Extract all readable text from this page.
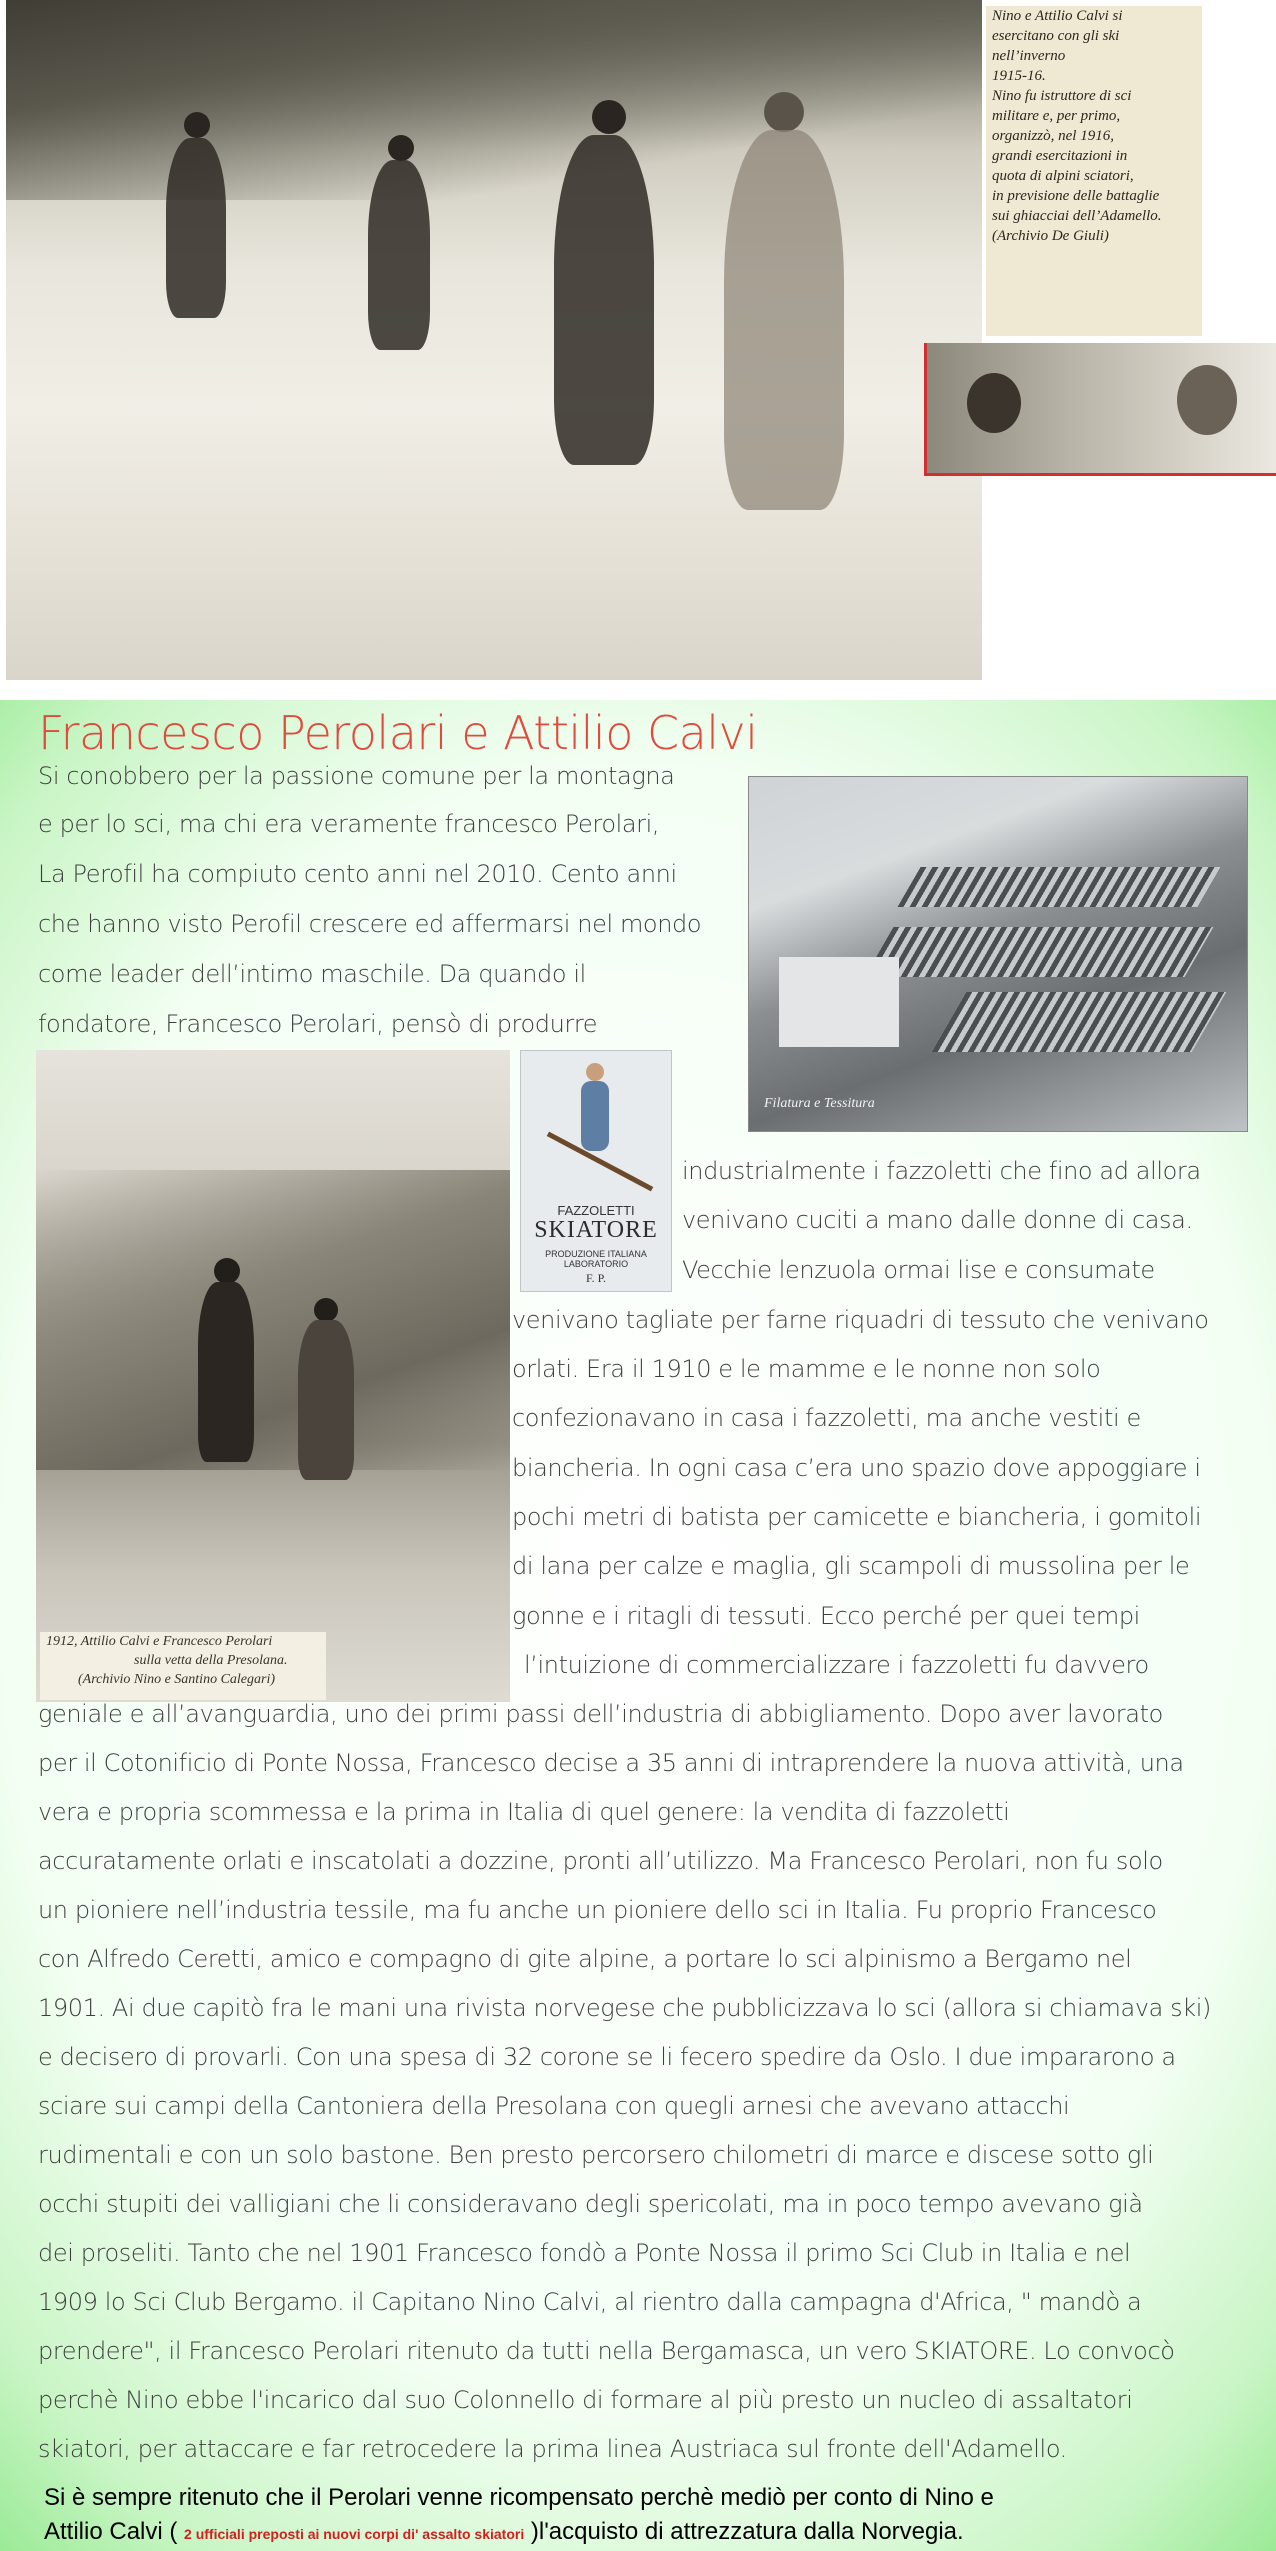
Nino e Attilio Calvi si
esercitano con gli ski
nell’inverno
1915-16.
Nino fu istruttore di sci
militare e, per primo,
organizzò, nel 1916,
grandi esercitazioni in
quota di alpini sciatori,
in previsione delle battaglie
sui ghiacciai dell’Adamello.
(Archivio De Giuli)
Francesco Perolari e Attilio Calvi
Filatura e Tessitura
1912, Attilio Calvi e Francesco Perolari
sulla vetta della Presolana.
(Archivio Nino e Santino Calegari)
FAZZOLETTI
SKIATORE
PRODUZIONE ITALIANA
LABORATORIO
F. P.
Si conobbero per la passione comune per la montagna
e per lo sci, ma chi era veramente francesco Perolari,
La Perofil ha compiuto cento anni nel 2010. Cento anni
che hanno visto Perofil crescere ed affermarsi nel mondo
come leader dell’intimo maschile. Da quando il
fondatore, Francesco Perolari, pensò di produrre
industrialmente i fazzoletti che fino ad allora
venivano cuciti a mano dalle donne di casa.
Vecchie lenzuola ormai lise e consumate
venivano tagliate per farne riquadri di tessuto che venivano
orlati. Era il 1910 e le mamme e le nonne non solo
confezionavano in casa i fazzoletti, ma anche vestiti e
biancheria. In ogni casa c’era uno spazio dove appoggiare i
pochi metri di batista per camicette e biancheria, i gomitoli
di lana per calze e maglia, gli scampoli di mussolina per le
gonne e i ritagli di tessuti. Ecco perché per quei tempi
l’intuizione di commercializzare i fazzoletti fu davvero
geniale e all’avanguardia, uno dei primi passi dell’industria di abbigliamento. Dopo aver lavorato
per il Cotonificio di Ponte Nossa, Francesco decise a 35 anni di intraprendere la nuova attività, una
vera e propria scommessa e la prima in Italia di quel genere: la vendita di fazzoletti
accuratamente orlati e inscatolati a dozzine, pronti all’utilizzo. Ma Francesco Perolari, non fu solo
un pioniere nell’industria tessile, ma fu anche un pioniere dello sci in Italia. Fu proprio Francesco
con Alfredo Ceretti, amico e compagno di gite alpine, a portare lo sci alpinismo a Bergamo nel
1901. Ai due capitò fra le mani una rivista norvegese che pubblicizzava lo sci (allora si chiamava ski)
e decisero di provarli. Con una spesa di 32 corone se li fecero spedire da Oslo. I due impararono a
sciare sui campi della Cantoniera della Presolana con quegli arnesi che avevano attacchi
rudimentali e con un solo bastone. Ben presto percorsero chilometri di marce e discese sotto gli
occhi stupiti dei valligiani che li consideravano degli spericolati, ma in poco tempo avevano già
dei proseliti. Tanto che nel 1901 Francesco fondò a Ponte Nossa il primo Sci Club in Italia e nel
1909 lo Sci Club Bergamo. il Capitano Nino Calvi, al rientro dalla campagna d'Africa, " mandò a
prendere", il Francesco Perolari ritenuto da tutti nella Bergamasca, un vero SKIATORE. Lo convocò
perchè Nino ebbe l'incarico dal suo Colonnello di formare al più presto un nucleo di assaltatori
skiatori, per attaccare e far retrocedere la prima linea Austriaca sul fronte dell'Adamello.
Si è sempre ritenuto che il Perolari venne ricompensato perchè mediò per conto di Nino e
Attilio Calvi ( 2 ufficiali preposti ai nuovi corpi di' assalto skiatori )l'acquisto di attrezzatura dalla Norvegia.
